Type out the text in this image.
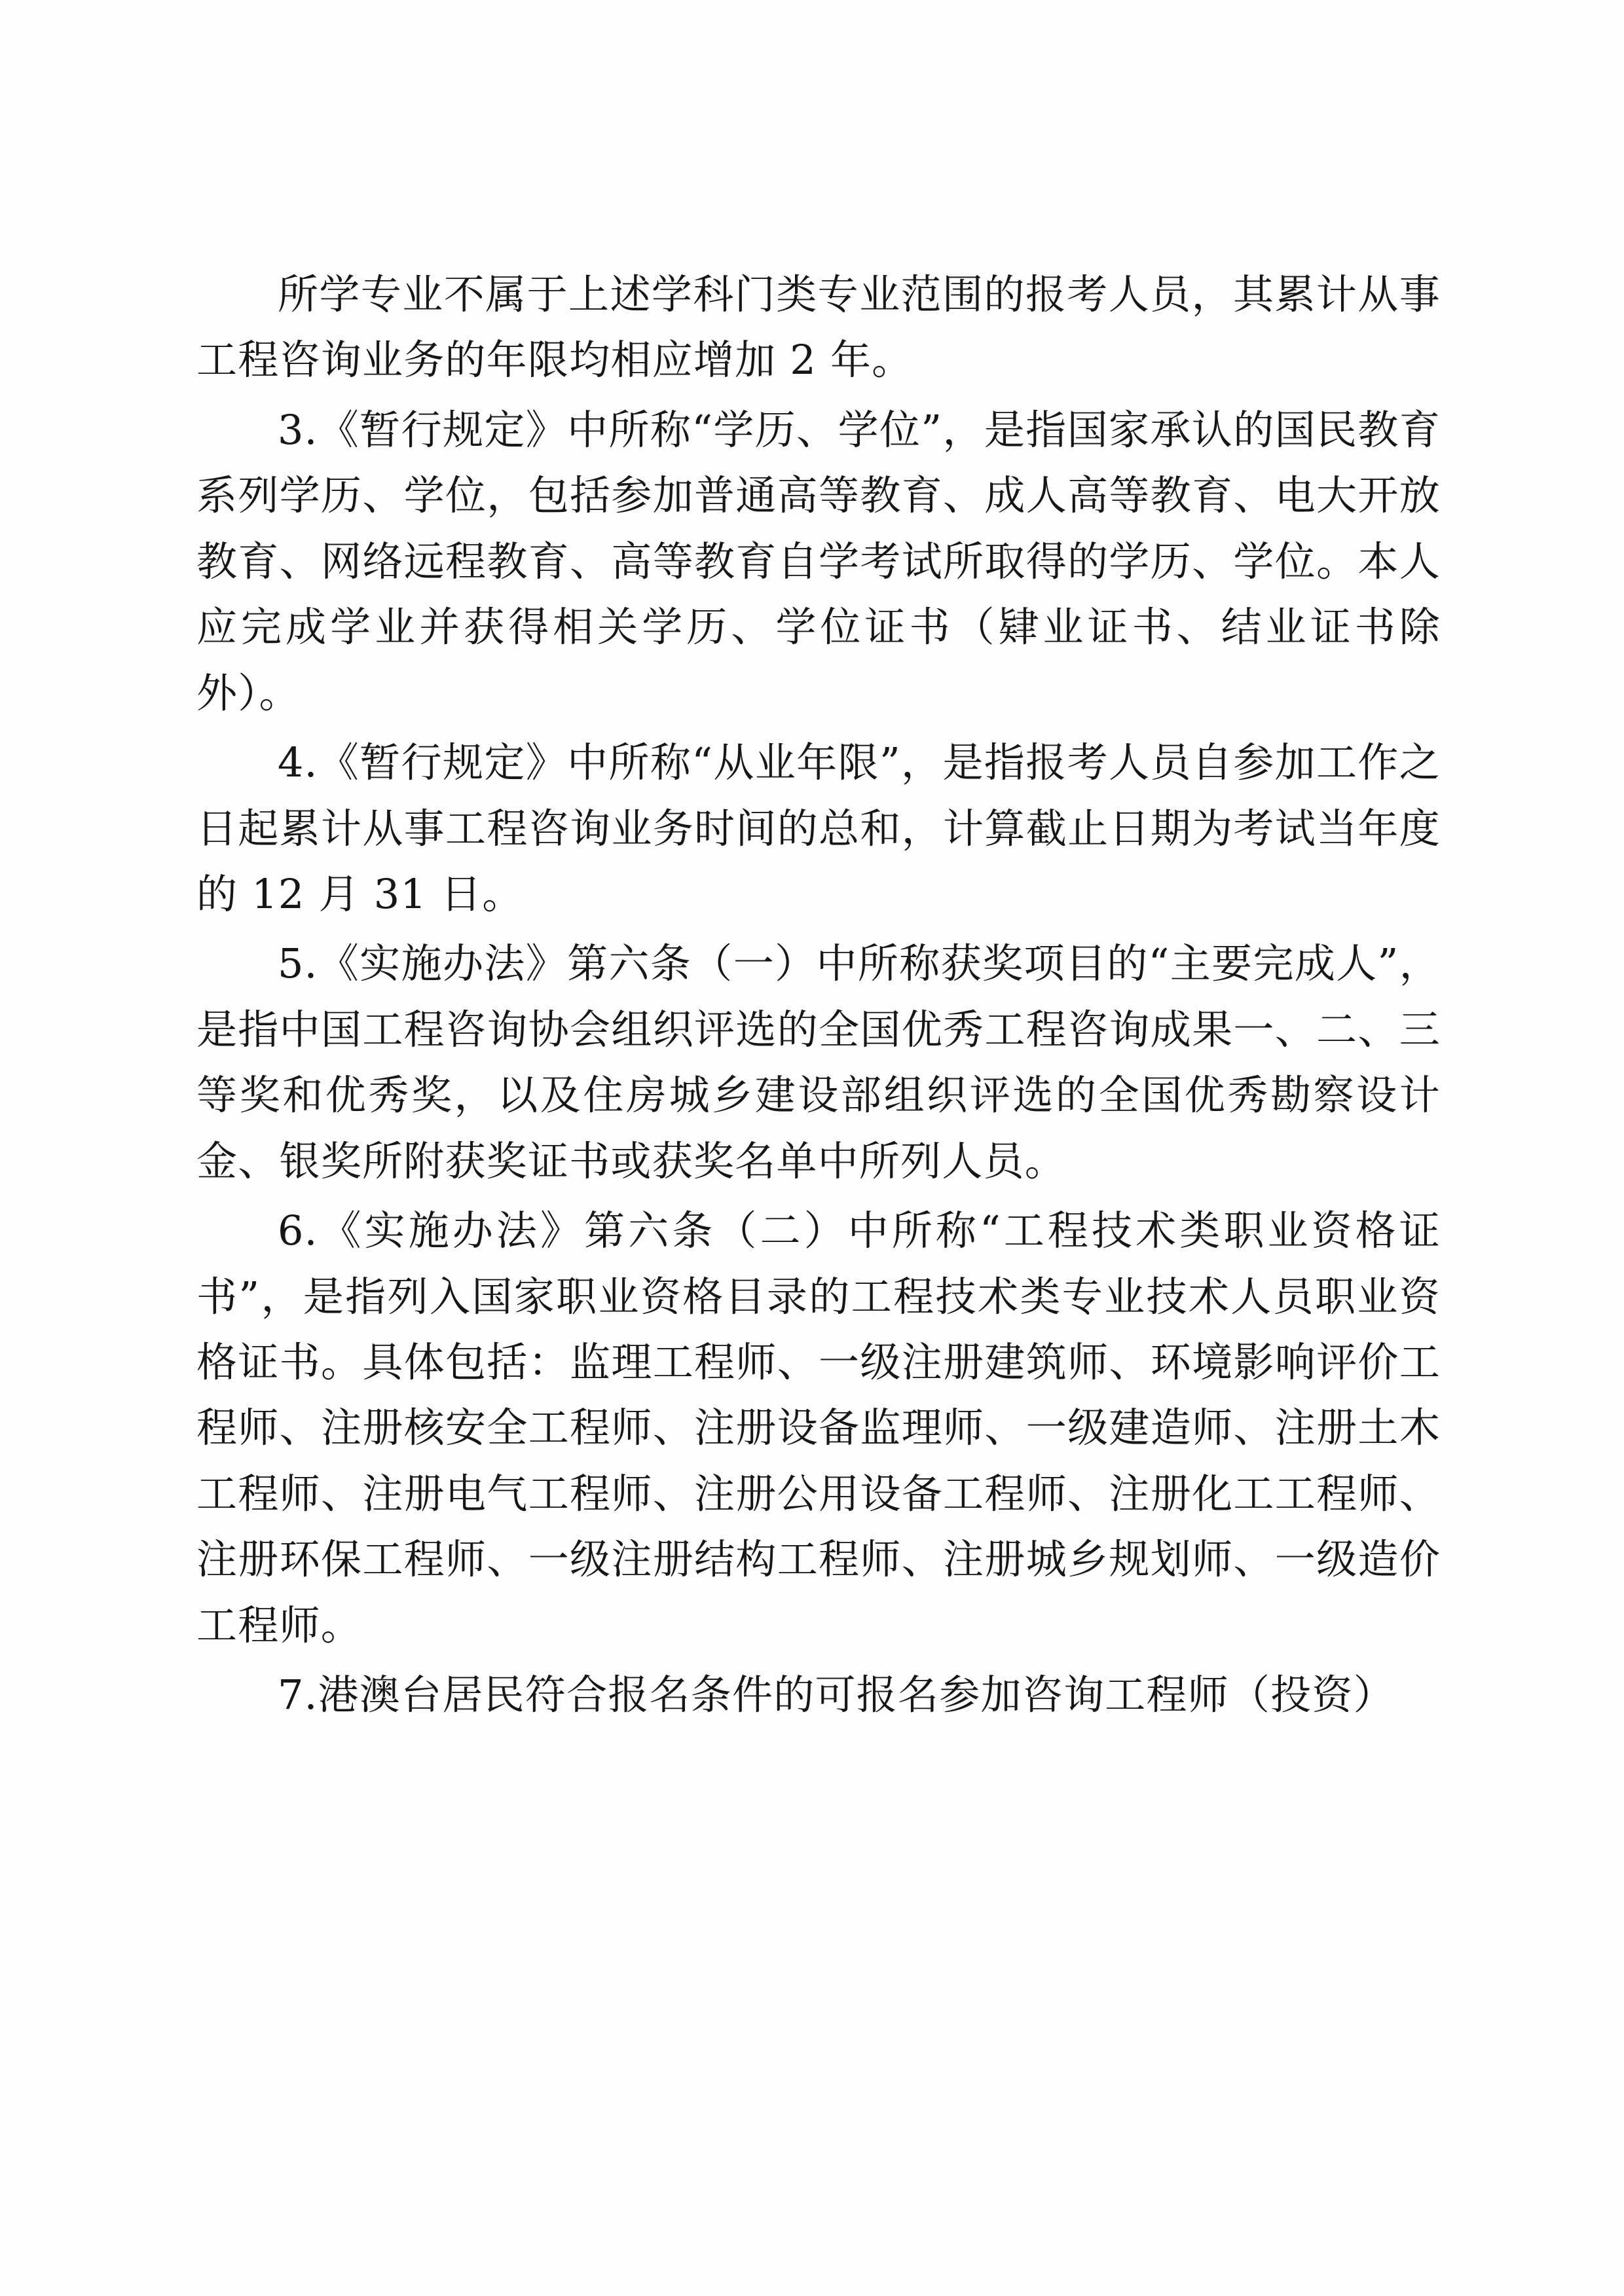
所学专业不属于上述学科门类专业范围的报考人员，其累计从事工程咨询业务的年限均相应增加 2 年。

3.《暂行规定》中所称“学历、学位”，是指国家承认的国民教育系列学历、学位，包括参加普通高等教育、成人高等教育、电大开放教育、网络远程教育、高等教育自学考试所取得的学历、学位。本人应完成学业并获得相关学历、学位证书（肄业证书、结业证书除外）。

4.《暂行规定》中所称“从业年限”，是指报考人员自参加工作之日起累计从事工程咨询业务时间的总和，计算截止日期为考试当年度的 12 月 31 日。

5.《实施办法》第六条（一）中所称获奖项目的“主要完成人”，是指中国工程咨询协会组织评选的全国优秀工程咨询成果一、二、三等奖和优秀奖，以及住房城乡建设部组织评选的全国优秀勘察设计金、银奖所附获奖证书或获奖名单中所列人员。

6.《实施办法》第六条（二）中所称“工程技术类职业资格证书”，是指列入国家职业资格目录的工程技术类专业技术人员职业资格证书。具体包括：监理工程师、一级注册建筑师、环境影响评价工程师、注册核安全工程师、注册设备监理师、一级建造师、注册土木工程师、注册电气工程师、注册公用设备工程师、注册化工工程师、注册环保工程师、一级注册结构工程师、注册城乡规划师、一级造价工程师。

7.港澳台居民符合报名条件的可报名参加咨询工程师（投资）
